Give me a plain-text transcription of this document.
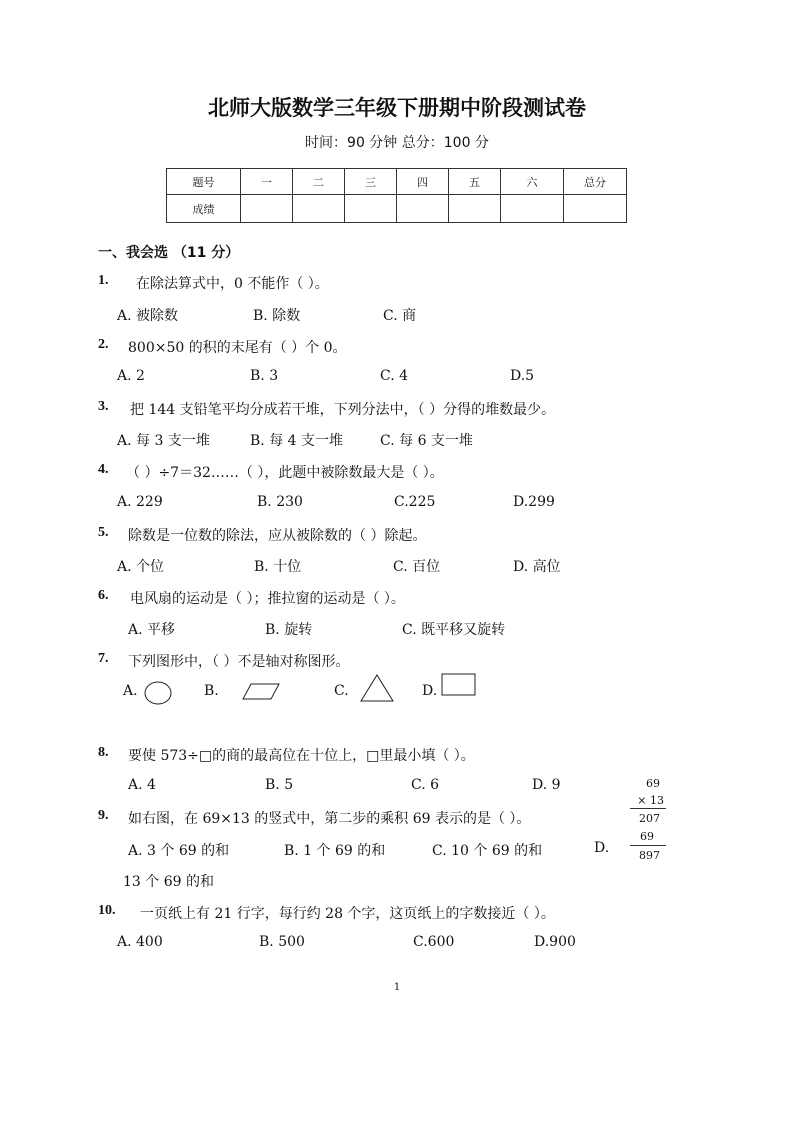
北师大版数学三年级下册期中阶段测试卷
时间：90 分钟 总分：100 分
题号	一	二	三	四	五	六	总分
成绩							
一、我会选 （11 分）
1. 在除法算式中，0 不能作（ ）。
A. 被除数	B. 除数	C. 商
2. 800×50 的积的末尾有（ ）个 0。
A. 2	B. 3	C. 4	D.5
3. 把 144 支铅笔平均分成若干堆，下列分法中，（ ）分得的堆数最少。
A. 每 3 支一堆	B. 每 4 支一堆	C. 每 6 支一堆
4. （ ）÷7＝32……（ ），此题中被除数最大是（ ）。
A. 229	B. 230	C.225	D.299
5. 除数是一位数的除法，应从被除数的（ ）除起。
A. 个位	B. 十位	C. 百位	D. 高位
6. 电风扇的运动是（ ）；推拉窗的运动是（ ）。
A. 平移	B. 旋转	C. 既平移又旋转
7. 下列图形中，（ ）不是轴对称图形。
A.	B.	C.	D.
8. 要使 573÷□的商的最高位在十位上，□里最小填（ ）。
A. 4	B. 5	C. 6	D. 9	69
× 13
207
69
897
9. 如右图，在 69×13 的竖式中，第二步的乘积 69 表示的是（ ）。
A. 3 个 69 的和	B. 1 个 69 的和	C. 10 个 69 的和	D.
13 个 69 的和
10. 一页纸上有 21 行字，每行约 28 个字，这页纸上的字数接近（ ）。
A. 400	B. 500	C.600	D.900
1
